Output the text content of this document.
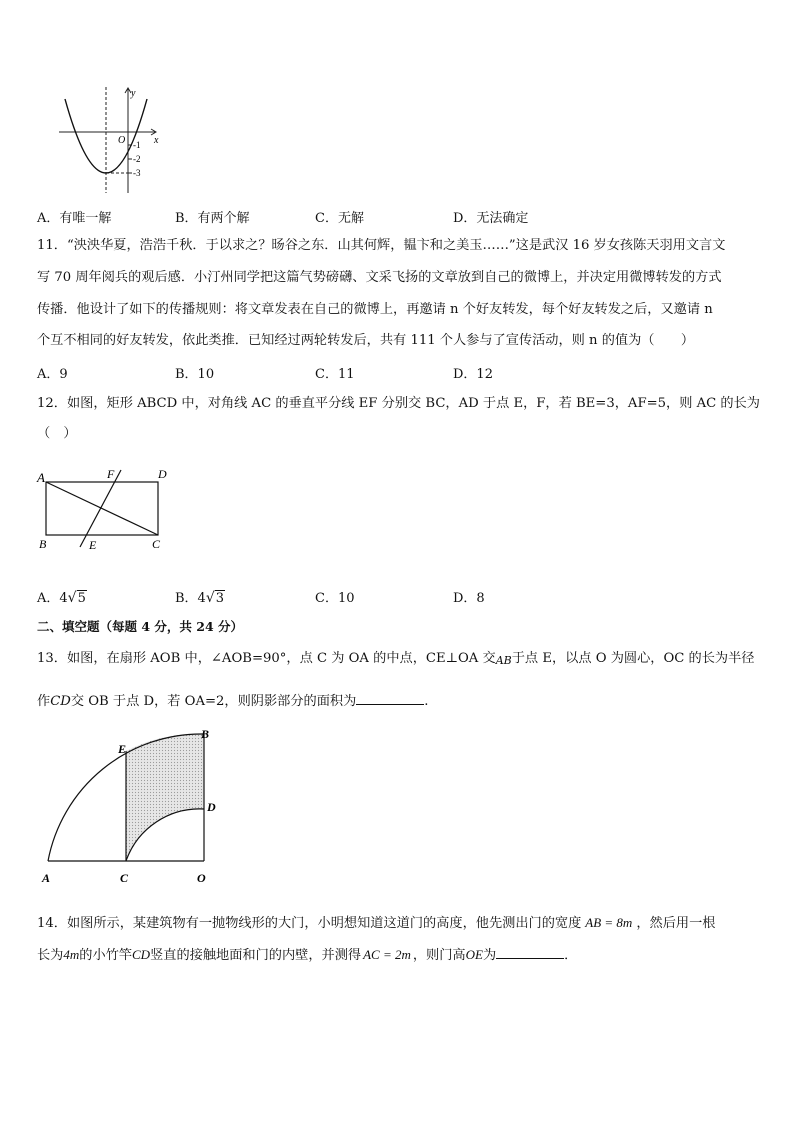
y
x
O -1
-2
-3
A．有唯一解	B．有两个解	C．无解	D．无法确定
11．“泱泱华夏，浩浩千秋．于以求之？旸谷之东．山其何辉，韫卞和之美玉……”这是武汉 16 岁女孩陈天羽用文言文
写 70 周年阅兵的观后感．小汀州同学把这篇气势磅礴、文采飞扬的文章放到自己的微博上，并决定用微博转发的方式
传播．他设计了如下的传播规则：将文章发表在自己的微博上，再邀请 n 个好友转发，每个好友转发之后，又邀请 n
个互不相同的好友转发，依此类推．已知经过两轮转发后，共有 111 个人参与了宣传活动，则 n 的值为（　　）
A．9	B．10	C．11	D．12
12．如图，矩形 ABCD 中，对角线 AC 的垂直平分线 EF 分别交 BC，AD 于点 E，F，若 BE=3，AF=5，则 AC 的长为
（　）
A	F	D
B	E	C
A．4√5	B．4√3	C．10	D．8
二、填空题（每题 4 分，共 24 分）
13．如图，在扇形 AOB 中，∠AOB=90°，点 C 为 OA 的中点，CE⊥OA 交AB于点 E，以点 O 为圆心，OC 的长为半径
作CD交 OB 于点 D，若 OA=2，则阴影部分的面积为	.
E
B
D
A	C	O
14．如图所示，某建筑物有一抛物线形的大门，小明想知道这道门的高度，他先测出门的宽度 AB = 8m ，然后用一根
长为4m的小竹竿CD竖直的接触地面和门的内壁，并测得 AC = 2m ，则门高OE为	．
